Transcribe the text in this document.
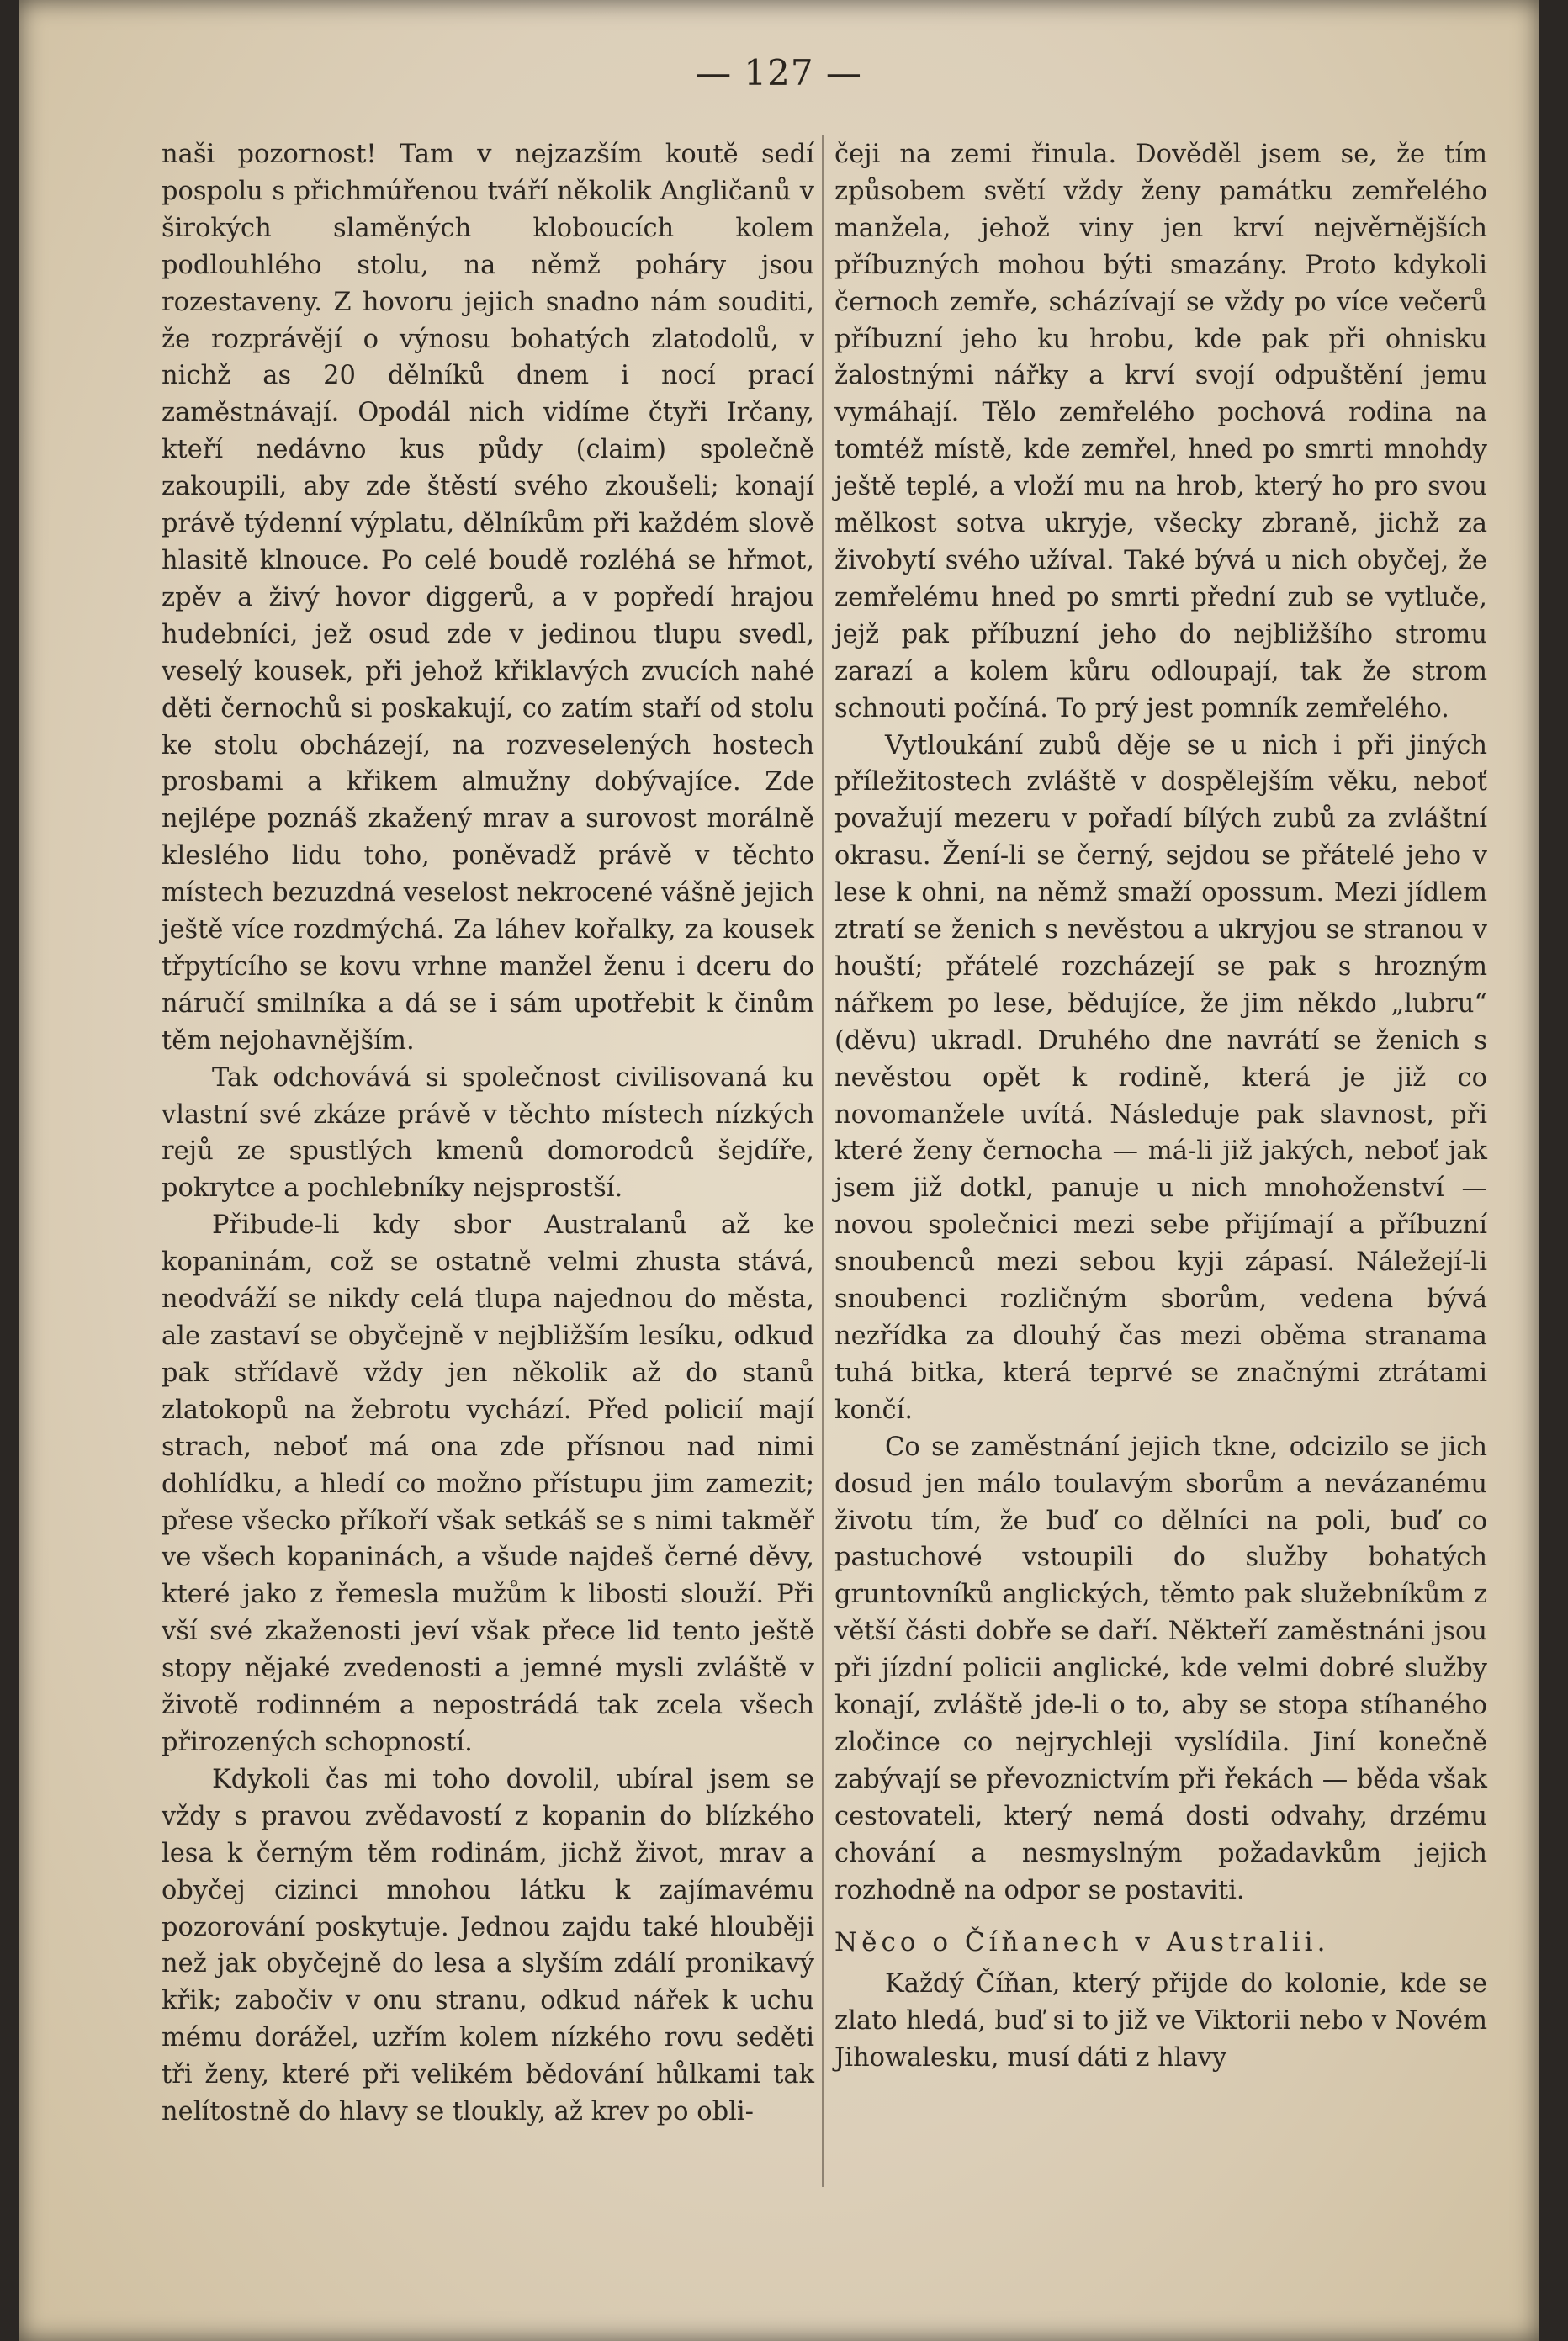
— 127 —

naši pozornost! Tam v nejzazším koutě sedí pospolu s přichmúřenou tváří několik Angličanů v širokých slaměných kloboucích kolem podlouhlého stolu, na němž poháry jsou rozestaveny. Z hovoru jejich snadno nám souditi, že rozprávějí o výnosu bohatých zlatodolů, v nichž as 20 dělníků dnem i nocí prací zaměstnávají. Opodál nich vidíme čtyři Irčany, kteří nedávno kus půdy (claim) společně zakoupili, aby zde štěstí svého zkoušeli; konají právě týdenní výplatu, dělníkům při každém slově hlasitě klnouce. Po celé boudě rozléhá se hřmot, zpěv a živý hovor diggerů, a v popředí hrajou hudebníci, jež osud zde v jedinou tlupu svedl, veselý kousek, při jehož křiklavých zvucích nahé děti černochů si poskakují, co zatím staří od stolu ke stolu obcházejí, na rozveselených hostech prosbami a křikem almužny dobývajíce. Zde nejlépe poznáš zkažený mrav a surovost morálně kleslého lidu toho, poněvadž právě v těchto místech bezuzdná veselost nekrocené vášně jejich ještě více rozdmýchá. Za láhev kořalky, za kousek třpytícího se kovu vrhne manžel ženu i dceru do náručí smilníka a dá se i sám upotřebit k činům těm nejohavnějším.

Tak odchovává si společnost civilisovaná ku vlastní své zkáze právě v těchto místech nízkých rejů ze spustlých kmenů domorodců šejdíře, pokrytce a pochlebníky nejsprostší.

Přibude-li kdy sbor Australanů až ke kopaninám, což se ostatně velmi zhusta stává, neodváží se nikdy celá tlupa najednou do města, ale zastaví se obyčejně v nejbližším lesíku, odkud pak střídavě vždy jen několik až do stanů zlatokopů na žebrotu vychází. Před policií mají strach, neboť má ona zde přísnou nad nimi dohlídku, a hledí co možno přístupu jim zamezit; přese všecko příkoří však setkáš se s nimi takměř ve všech kopaninách, a všude najdeš černé děvy, které jako z řemesla mužům k libosti slouží. Při vší své zkaženosti jeví však přece lid tento ještě stopy nějaké zvedenosti a jemné mysli zvláště v životě rodinném a nepostrádá tak zcela všech přirozených schopností.

Kdykoli čas mi toho dovolil, ubíral jsem se vždy s pravou zvědavostí z kopanin do blízkého lesa k černým těm rodinám, jichž život, mrav a obyčej cizinci mnohou látku k zajímavému pozorování poskytuje. Jednou zajdu také hlouběji než jak obyčejně do lesa a slyším zdálí pronikavý křik; zabočiv v onu stranu, odkud nářek k uchu mému dorážel, uzřím kolem nízkého rovu seděti tři ženy, které při velikém bědování hůlkami tak nelítostně do hlavy se tloukly, až krev po obli-

čeji na zemi řinula. Dověděl jsem se, že tím způsobem světí vždy ženy památku zemřelého manžela, jehož viny jen krví nejvěrnějších příbuzných mohou býti smazány. Proto kdykoli černoch zemře, scházívají se vždy po více večerů příbuzní jeho ku hrobu, kde pak při ohnisku žalostnými nářky a krví svojí odpuštění jemu vymáhají. Tělo zemřelého pochová rodina na tomtéž místě, kde zemřel, hned po smrti mnohdy ještě teplé, a vloží mu na hrob, který ho pro svou mělkost sotva ukryje, všecky zbraně, jichž za živobytí svého užíval. Také bývá u nich obyčej, že zemřelému hned po smrti přední zub se vytluče, jejž pak příbuzní jeho do nejbližšího stromu zarazí a kolem kůru odloupají, tak že strom schnouti počíná. To prý jest pomník zemřelého.

Vytloukání zubů děje se u nich i při jiných příležitostech zvláště v dospělejším věku, neboť považují mezeru v pořadí bílých zubů za zvláštní okrasu. Žení-li se černý, sejdou se přátelé jeho v lese k ohni, na němž smaží opossum. Mezi jídlem ztratí se ženich s nevěstou a ukryjou se stranou v houští; přátelé rozcházejí se pak s hrozným nářkem po lese, bědujíce, že jim někdo „lubru“ (děvu) ukradl. Druhého dne navrátí se ženich s nevěstou opět k rodině, která je již co novomanžele uvítá. Následuje pak slavnost, při které ženy černocha — má-li již jakých, neboť jak jsem již dotkl, panuje u nich mnohoženství — novou společnici mezi sebe přijímají a příbuzní snoubenců mezi sebou kyji zápasí. Náležejí-li snoubenci rozličným sborům, vedena bývá nezřídka za dlouhý čas mezi oběma stranama tuhá bitka, která teprvé se značnými ztrátami končí.

Co se zaměstnání jejich tkne, odcizilo se jich dosud jen málo toulavým sborům a nevázanému životu tím, že buď co dělníci na poli, buď co pastuchové vstoupili do služby bohatých gruntovníků anglických, těmto pak služebníkům z větší části dobře se daří. Někteří zaměstnáni jsou při jízdní policii anglické, kde velmi dobré služby konají, zvláště jde-li o to, aby se stopa stíhaného zločince co nejrychleji vyslídila. Jiní konečně zabývají se převoznictvím při řekách — běda však cestovateli, který nemá dosti odvahy, drzému chování a nesmyslným požadavkům jejich rozhodně na odpor se postaviti.

Něco o Číňanech v Australii.

Každý Číňan, který přijde do kolonie, kde se zlato hledá, buď si to již ve Viktorii nebo v Novém Jihowalesku, musí dáti z hlavy
